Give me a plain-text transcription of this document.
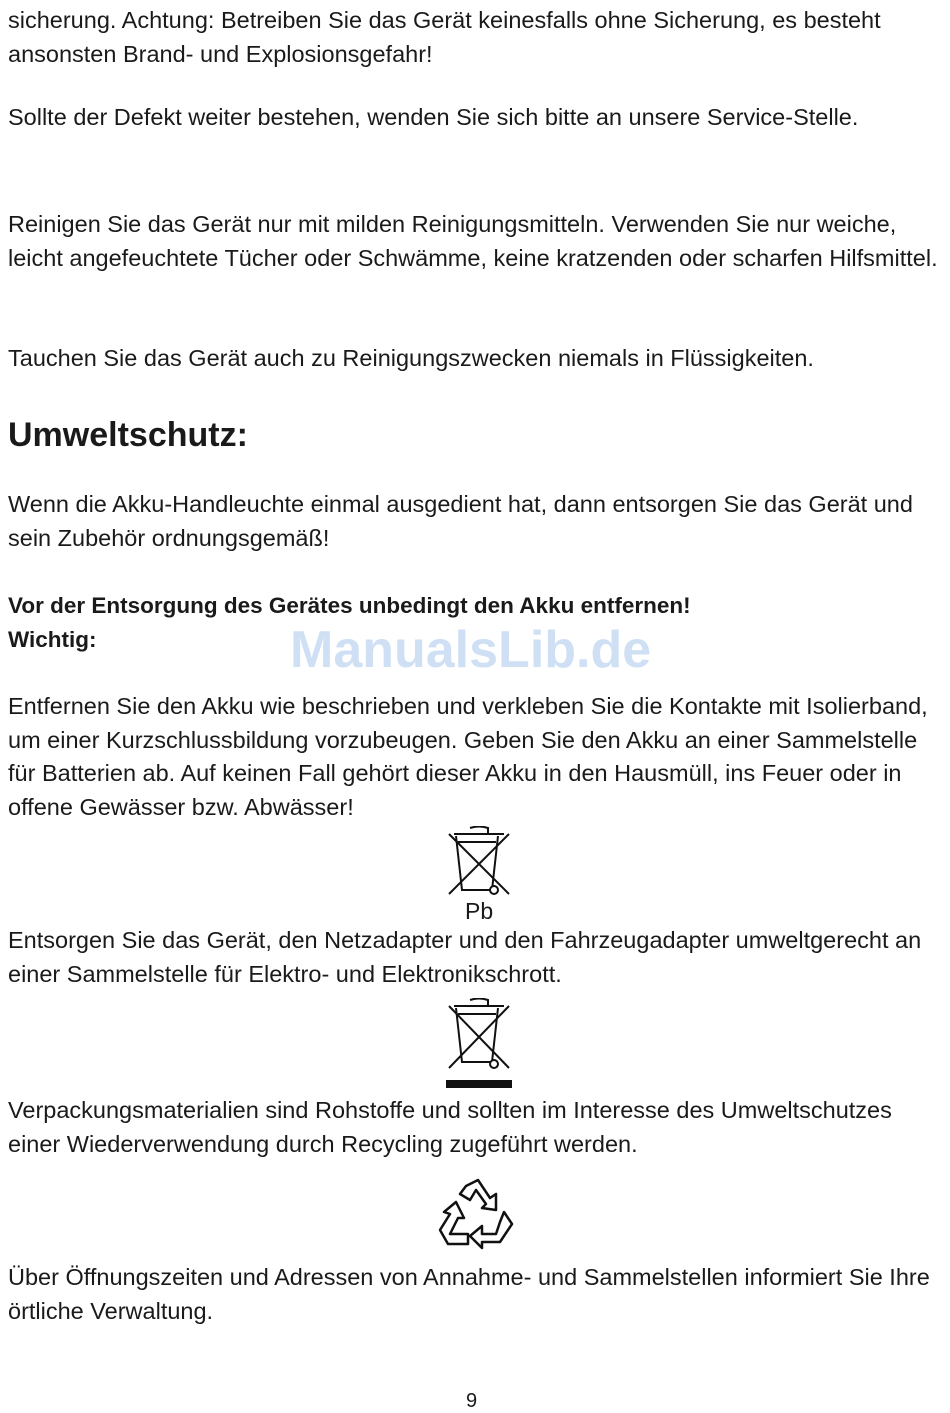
sicherung. Achtung: Betreiben Sie das Gerät keinesfalls ohne Sicherung, es besteht ansonsten Brand- und Explosionsgefahr!

Sollte der Defekt weiter bestehen, wenden Sie sich bitte an unsere Service-Stelle.

Reinigen Sie das Gerät nur mit milden Reinigungsmitteln. Verwenden Sie nur weiche, leicht angefeuchtete Tücher oder Schwämme, keine kratzenden oder scharfen Hilfsmittel.

Tauchen Sie das Gerät auch zu Reinigungszwecken niemals in Flüssigkeiten.

Umweltschutz:

Wenn die Akku-Handleuchte einmal ausgedient hat, dann entsorgen Sie das Gerät und sein Zubehör ordnungsgemäß!

Vor der Entsorgung des Gerätes unbedingt den Akku entfernen!

Wichtig:

Entfernen Sie den Akku wie beschrieben und verkleben Sie die Kontakte mit Isolierband, um einer Kurzschlussbildung vorzubeugen. Geben Sie den Akku an einer Sammelstelle für Batterien ab. Auf keinen Fall gehört dieser Akku in den Hausmüll, ins Feuer oder in offene Gewässer bzw. Abwässer!

Entsorgen Sie das Gerät, den Netzadapter und den Fahrzeugadapter umweltgerecht an einer Sammelstelle für Elektro- und Elektronikschrott.

Verpackungsmaterialien sind Rohstoffe und sollten im Interesse des Umweltschutzes einer Wiederverwendung durch Recycling zugeführt werden.

Über Öffnungszeiten und Adressen von Annahme- und Sammelstellen informiert Sie Ihre örtliche Verwaltung.

ManualsLib.de
Pb
9
